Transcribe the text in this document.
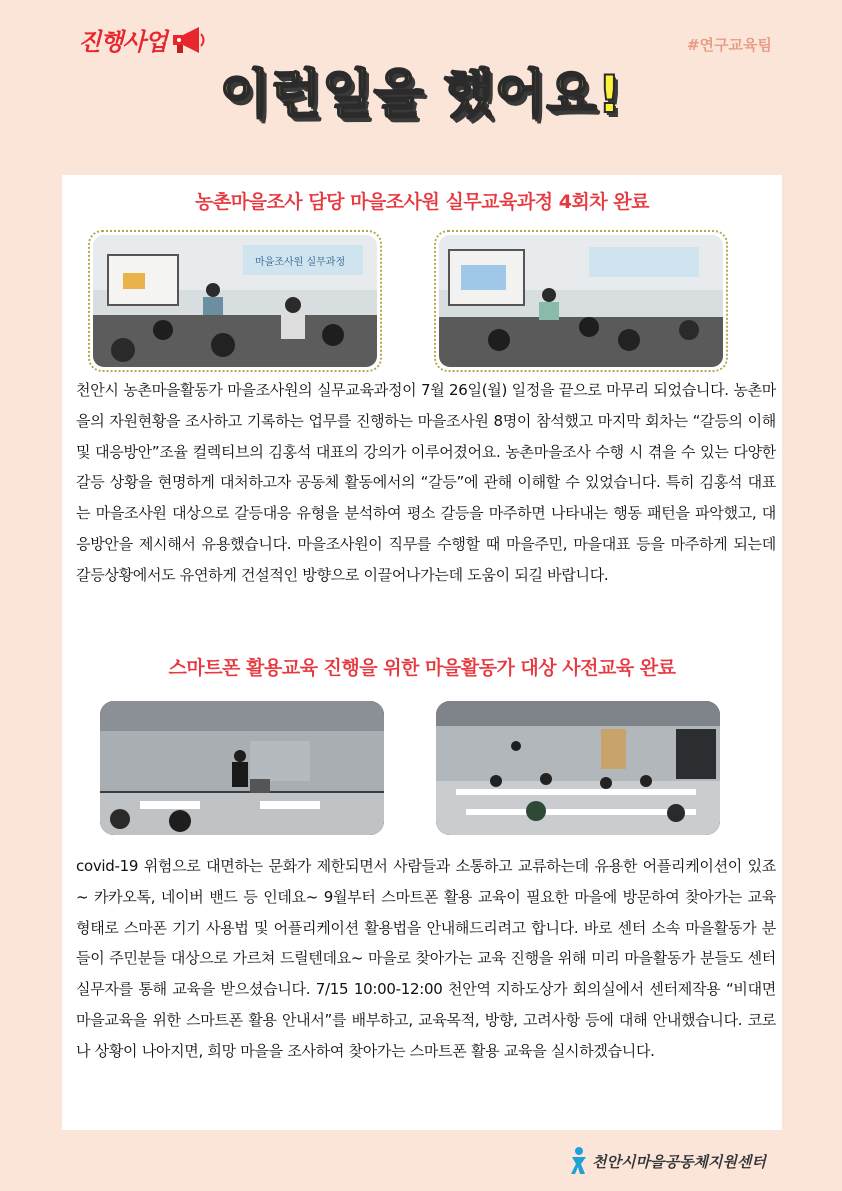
진행사업	#연구교육팀
이런일을 했어요!
농촌마을조사 담당 마을조사원 실무교육과정 4회차 완료
마을조사원 실무과정

천안시 농촌마을활동가 마을조사원의 실무교육과정이 7월 26일(월) 일정을 끝으로 마무리 되었습니다. 농촌마을의 자원현황을 조사하고 기록하는 업무를 진행하는 마을조사원 8명이 참석했고 마지막 회차는 “갈등의 이해 및 대응방안”조율 컬렉티브의 김홍석 대표의 강의가 이루어졌어요. 농촌마을조사 수행 시 겪을 수 있는 다양한 갈등 상황을 현명하게 대처하고자 공동체 활동에서의 “갈등”에 관해 이해할 수 있었습니다. 특히 김홍석 대표는 마을조사원 대상으로 갈등대응 유형을 분석하여 평소 갈등을 마주하면 나타내는 행동 패턴을 파악했고, 대응방안을 제시해서 유용했습니다. 마을조사원이 직무를 수행할 때 마을주민, 마을대표 등을 마주하게 되는데 갈등상황에서도 유연하게 건설적인 방향으로 이끌어나가는데 도움이 되길 바랍니다.

스마트폰 활용교육 진행을 위한 마을활동가 대상 사전교육 완료

covid-19 위험으로 대면하는 문화가 제한되면서 사람들과 소통하고 교류하는데 유용한 어플리케이션이 있죠~ 카카오톡, 네이버 밴드 등 인데요~ 9월부터 스마트폰 활용 교육이 필요한 마을에 방문하여 찾아가는 교육 형태로 스마폰 기기 사용법 및 어플리케이션 활용법을 안내해드리려고 합니다. 바로 센터 소속 마을활동가 분들이 주민분들 대상으로 가르쳐 드릴텐데요~ 마을로 찾아가는 교육 진행을 위해 미리 마을활동가 분들도 센터 실무자를 통해 교육을 받으셨습니다. 7/15 10:00-12:00 천안역 지하도상가 회의실에서 센터제작용 “비대면 마을교육을 위한 스마트폰 활용 안내서”를 배부하고, 교육목적, 방향, 고려사항 등에 대해 안내했습니다. 코로나 상황이 나아지면, 희망 마을을 조사하여 찾아가는 스마트폰 활용 교육을 실시하겠습니다.

천안시마을공동체지원센터
